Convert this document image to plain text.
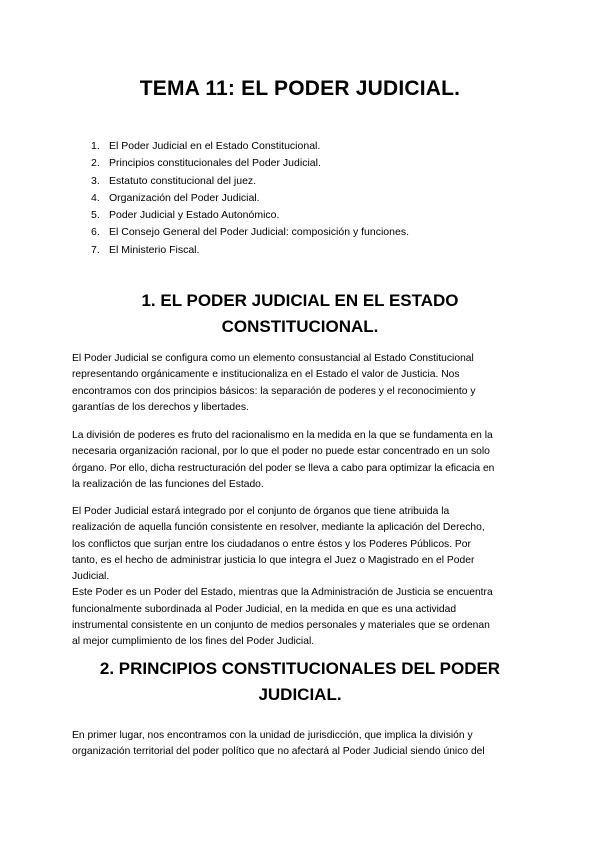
TEMA 11: EL PODER JUDICIAL.
1. El Poder Judicial en el Estado Constitucional.
2. Principios constitucionales del Poder Judicial.
3. Estatuto constitucional del juez.
4. Organización del Poder Judicial.
5. Poder Judicial y Estado Autonómico.
6. El Consejo General del Poder Judicial: composición y funciones.
7. El Ministerio Fiscal.
1. EL PODER JUDICIAL EN EL ESTADO
CONSTITUCIONAL.
El Poder Judicial se configura como un elemento consustancial al Estado Constitucional
representando orgánicamente e institucionaliza en el Estado el valor de Justicia. Nos
encontramos con dos principios básicos: la separación de poderes y el reconocimiento y
garantías de los derechos y libertades.
La división de poderes es fruto del racionalismo en la medida en la que se fundamenta en la
necesaria organización racional, por lo que el poder no puede estar concentrado en un solo
órgano. Por ello, dicha restructuración del poder se lleva a cabo para optimizar la eficacia en
la realización de las funciones del Estado.
El Poder Judicial estará integrado por el conjunto de órganos que tiene atribuida la
realización de aquella función consistente en resolver, mediante la aplicación del Derecho,
los conflictos que surjan entre los ciudadanos o entre éstos y los Poderes Públicos. Por
tanto, es el hecho de administrar justicia lo que integra el Juez o Magistrado en el Poder
Judicial.
Este Poder es un Poder del Estado, mientras que la Administración de Justicia se encuentra
funcionalmente subordinada al Poder Judicial, en la medida en que es una actividad
instrumental consistente en un conjunto de medios personales y materiales que se ordenan
al mejor cumplimiento de los fines del Poder Judicial.
2. PRINCIPIOS CONSTITUCIONALES DEL PODER
JUDICIAL.
En primer lugar, nos encontramos con la unidad de jurisdicción, que implica la división y
organización territorial del poder político que no afectará al Poder Judicial siendo único del
